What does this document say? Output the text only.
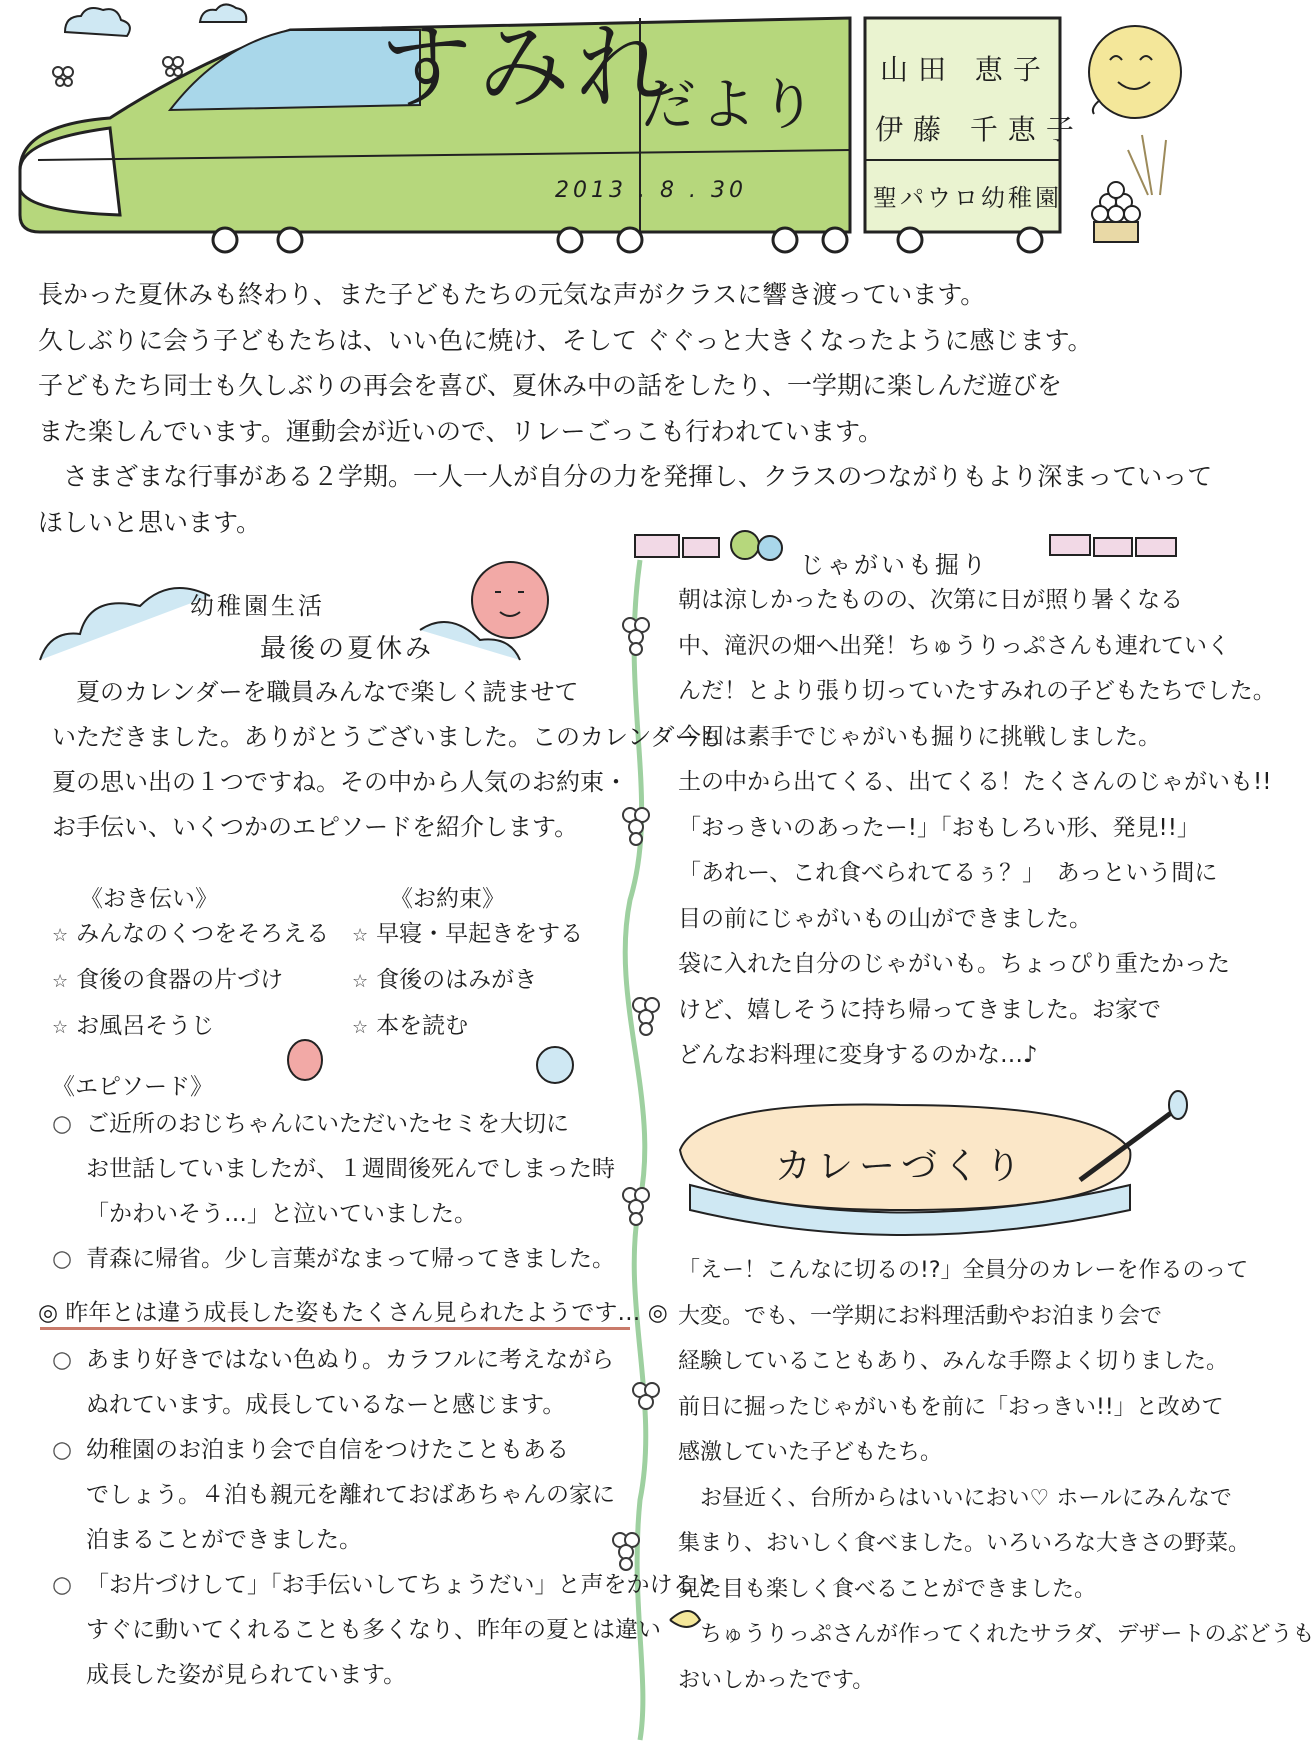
すみれ
だより
2013 . 8 . 30
山田 恵子
伊藤 千恵子
聖パウロ幼稚園

長かった夏休みも終わり、また子どもたちの元気な声がクラスに響き渡っています。

久しぶりに会う子どもたちは、いい色に焼け、そして ぐぐっと大きくなったように感じます。

子どもたち同士も久しぶりの再会を喜び、夏休み中の話をしたり、一学期に楽しんだ遊びを

また楽しんでいます。運動会が近いので、リレーごっこも行われています。

　さまざまな行事がある２学期。一人一人が自分の力を発揮し、クラスのつながりもより深まっていって

ほしいと思います。

幼稚園生活
最後の夏休み

　夏のカレンダーを職員みんなで楽しく読ませて

いただきました。ありがとうございました。このカレンダーも

夏の思い出の１つですね。その中から人気のお約束・

お手伝い、いくつかのエピソードを紹介します。

《おき伝い》	《お約束》
☆ みんなのくつをそろえる
☆ 食後の食器の片づけ
☆ お風呂そうじ
☆ 早寝・早起きをする
☆ 食後のはみがき
☆ 本を読む
《エピソード》

○ ご近所のおじちゃんにいただいたセミを大切に

お世話していましたが、１週間後死んでしまった時

「かわいそう…」と泣いていました。

○ 青森に帰省。少し言葉がなまって帰ってきました。

◎ 昨年とは違う成長した姿もたくさん見られたようです… ◎

○ あまり好きではない色ぬり。カラフルに考えながら

ぬれています。成長しているなーと感じます。

○ 幼稚園のお泊まり会で自信をつけたこともある

でしょう。４泊も親元を離れておばあちゃんの家に

泊まることができました。

○ 「お片づけして」「お手伝いしてちょうだい」と声をかけると

すぐに動いてくれることも多くなり、昨年の夏とは違い

成長した姿が見られています。

じゃがいも掘り

朝は涼しかったものの、次第に日が照り暑くなる

中、滝沢の畑へ出発！ちゅうりっぷさんも連れていく

んだ！とより張り切っていたすみれの子どもたちでした。

今回は素手でじゃがいも掘りに挑戦しました。

土の中から出てくる、出てくる！たくさんのじゃがいも!!

「おっきいのあったー!」「おもしろい形、発見!!」

「あれー、これ食べられてるぅ？」　あっという間に

目の前にじゃがいもの山ができました。

袋に入れた自分のじゃがいも。ちょっぴり重たかった

けど、嬉しそうに持ち帰ってきました。お家で

どんなお料理に変身するのかな…♪

カレーづくり

「えー！こんなに切るの!?」全員分のカレーを作るのって

大変。でも、一学期にお料理活動やお泊まり会で

経験していることもあり、みんな手際よく切りました。

前日に掘ったじゃがいもを前に「おっきい!!」と改めて

感激していた子どもたち。

　お昼近く、台所からはいいにおい♡ ホールにみんなで

集まり、おいしく食べました。いろいろな大きさの野菜。

見た目も楽しく食べることができました。

　ちゅうりっぷさんが作ってくれたサラダ、デザートのぶどうも

おいしかったです。
